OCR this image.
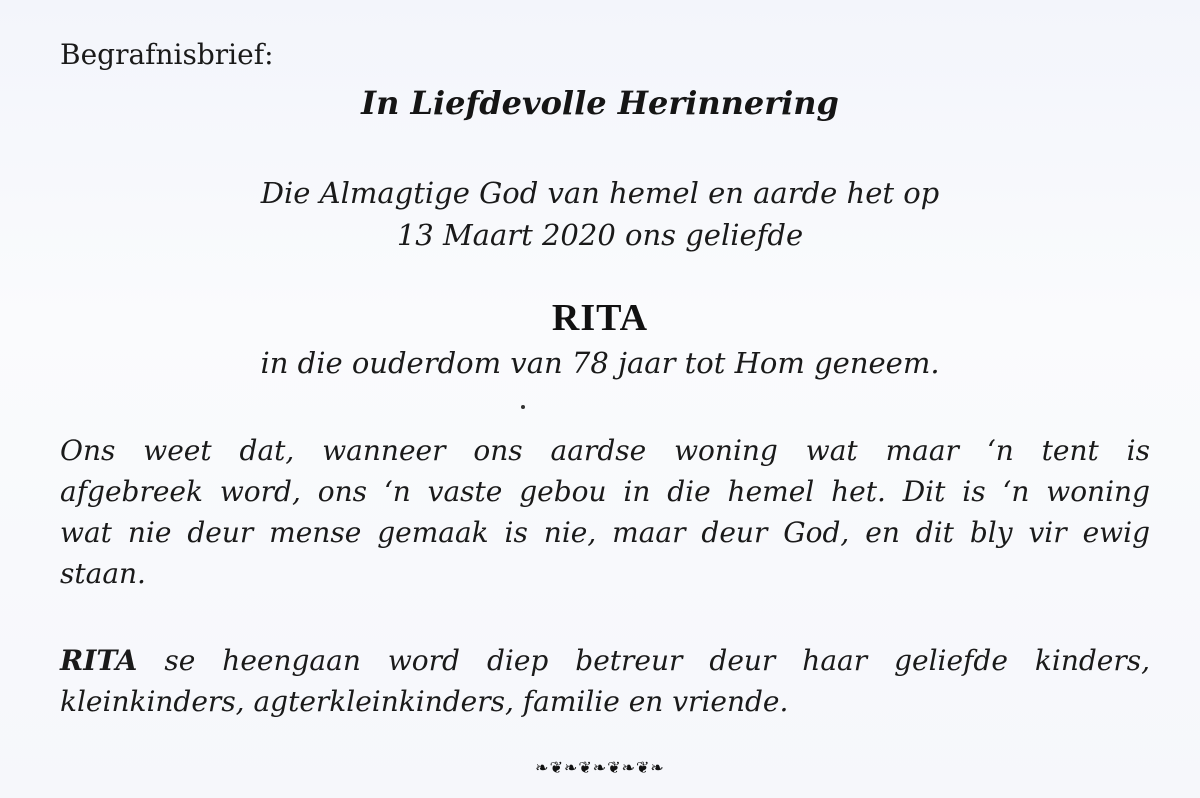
Begrafnisbrief:
In Liefdevolle Herinnering
Die Almagtige God van hemel en aarde het op
13 Maart 2020 ons geliefde
RITA
in die ouderdom van 78 jaar tot Hom geneem.
Ons weet dat, wanneer ons aardse woning wat maar ‘n tent is
afgebreek word, ons ‘n vaste gebou in die hemel het. Dit is ‘n woning
wat nie deur mense gemaak is nie, maar deur God, en dit bly vir ewig
staan.
RITA se heengaan word diep betreur deur haar geliefde kinders,
kleinkinders, agterkleinkinders, familie en vriende.
❧❦❧❦❧❦❧❦❧
